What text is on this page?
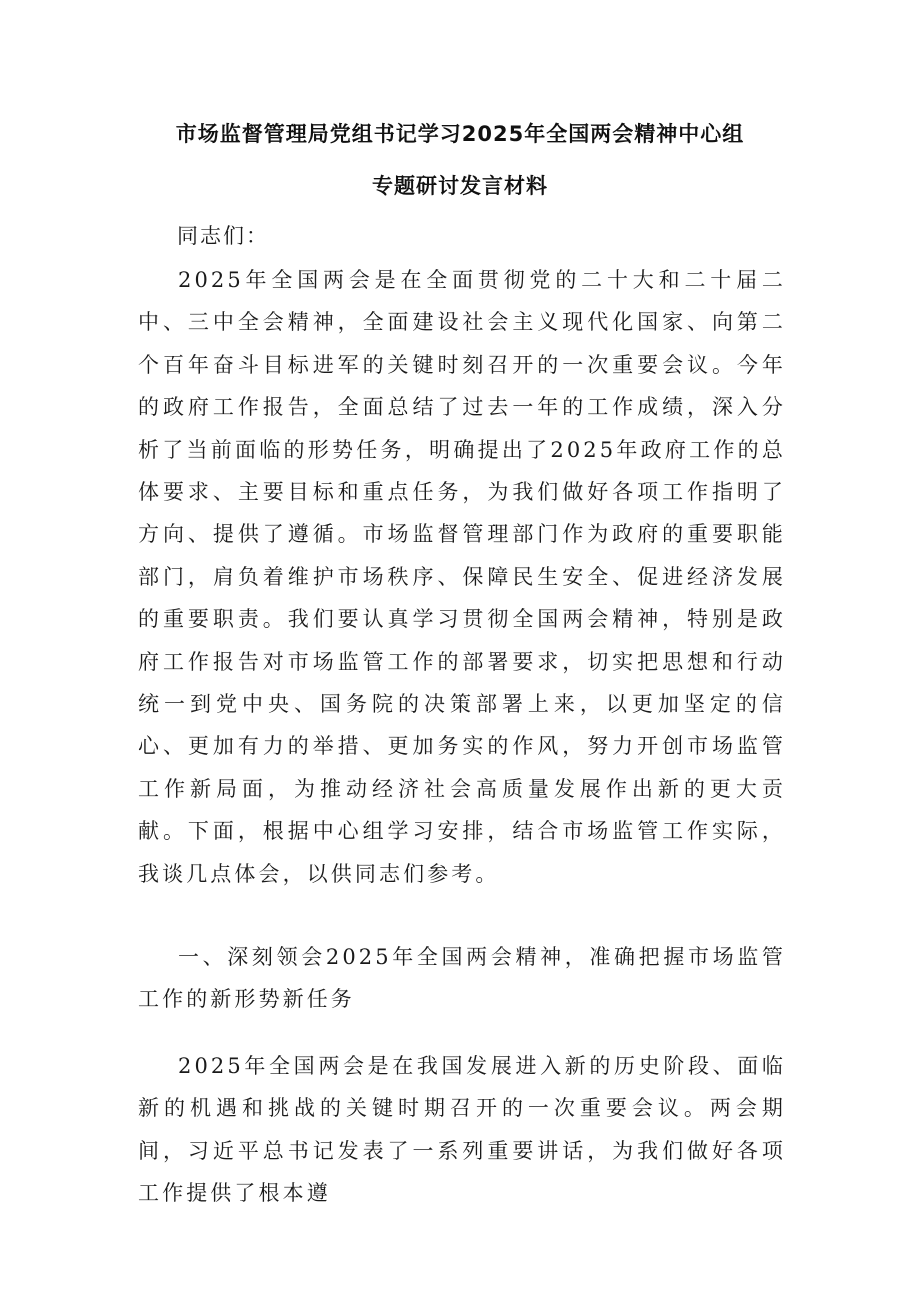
市场监督管理局党组书记学习2025年全国两会精神中心组
专题研讨发言材料
同志们：

2025年全国两会是在全面贯彻党的二十大和二十届二中、三中全会精神，全面建设社会主义现代化国家、向第二个百年奋斗目标进军的关键时刻召开的一次重要会议。今年的政府工作报告，全面总结了过去一年的工作成绩，深入分析了当前面临的形势任务，明确提出了2025年政府工作的总体要求、主要目标和重点任务，为我们做好各项工作指明了方向、提供了遵循。市场监督管理部门作为政府的重要职能部门，肩负着维护市场秩序、保障民生安全、促进经济发展的重要职责。我们要认真学习贯彻全国两会精神，特别是政府工作报告对市场监管工作的部署要求，切实把思想和行动统一到党中央、国务院的决策部署上来，以更加坚定的信心、更加有力的举措、更加务实的作风，努力开创市场监管工作新局面，为推动经济社会高质量发展作出新的更大贡献。下面，根据中心组学习安排，结合市场监管工作实际，我谈几点体会，以供同志们参考。

一、深刻领会2025年全国两会精神，准确把握市场监管工作的新形势新任务

2025年全国两会是在我国发展进入新的历史阶段、面临新的机遇和挑战的关键时期召开的一次重要会议。两会期间，习近平总书记发表了一系列重要讲话，为我们做好各项工作提供了根本遵
